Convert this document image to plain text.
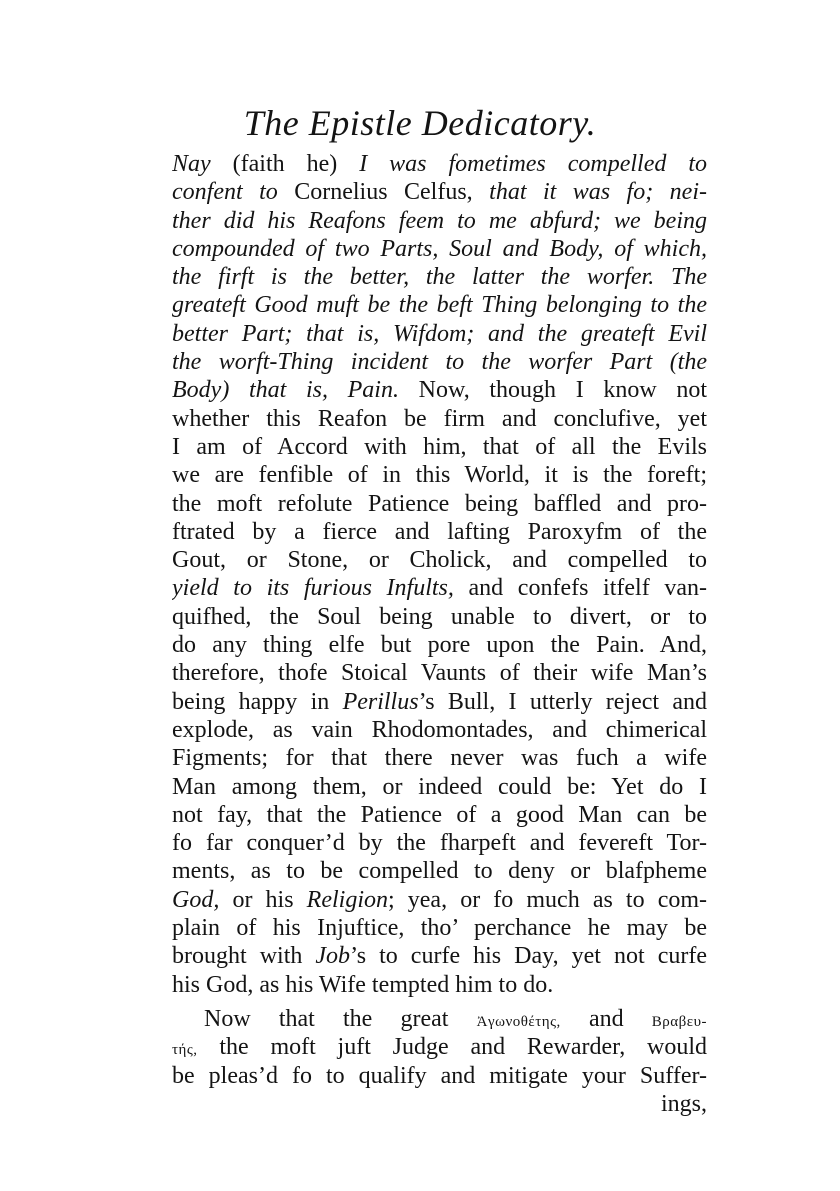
The Epistle Dedicatory.
Nay (faith he) I was fometimes compelled to
confent to Cornelius Celfus, that it was fo; nei-
ther did his Reafons feem to me abfurd; we being
compounded of two Parts, Soul and Body, of which,
the firft is the better, the latter the worfer. The
greateft Good muft be the beft Thing belonging to the
better Part; that is, Wifdom; and the greateft Evil
the worft-Thing incident to the worfer Part (the
Body) that is, Pain. Now, though I know not
whether this Reafon be firm and conclufive, yet
I am of Accord with him, that of all the Evils
we are fenfible of in this World, it is the foreft;
the moft refolute Patience being baffled and pro-
ftrated by a fierce and lafting Paroxyfm of the
Gout, or Stone, or Cholick, and compelled to
yield to its furious Infults, and confefs itfelf van-
quifhed, the Soul being unable to divert, or to
do any thing elfe but pore upon the Pain. And,
therefore, thofe Stoical Vaunts of their wife Man’s
being happy in Perillus’s Bull, I utterly reject and
explode, as vain Rhodomontades, and chimerical
Figments; for that there never was fuch a wife
Man among them, or indeed could be: Yet do I
not fay, that the Patience of a good Man can be
fo far conquer’d by the fharpeft and fevereft Tor-
ments, as to be compelled to deny or blafpheme
God, or his Religion; yea, or fo much as to com-
plain of his Injuftice, tho’ perchance he may be
brought with Job’s to curfe his Day, yet not curfe
his God, as his Wife tempted him to do.
Now that the great Ἀγωνοθέτης, and Βραβευ-
τής, the moft juft Judge and Rewarder, would
be pleas’d fo to qualify and mitigate your Suffer-
ings,
